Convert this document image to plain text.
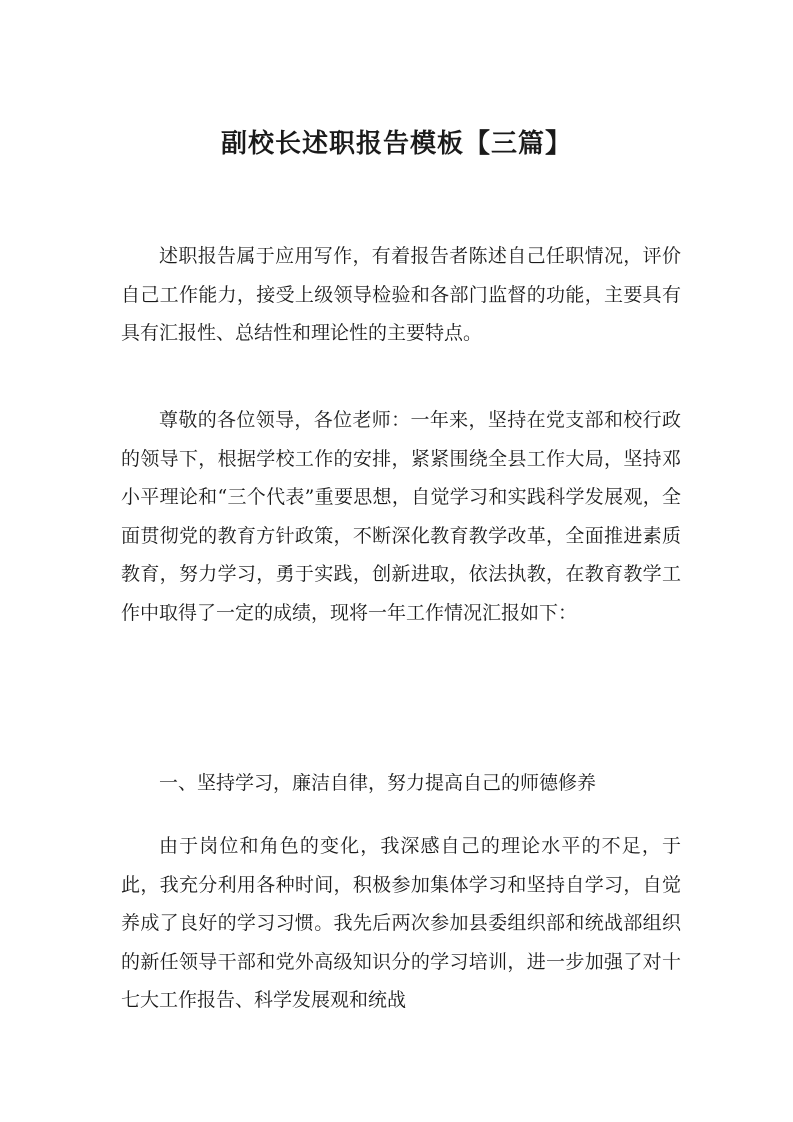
副校长述职报告模板【三篇】

述职报告属于应用写作，有着报告者陈述自己任职情况，评价自己工作能力，接受上级领导检验和各部门监督的功能，主要具有具有汇报性、总结性和理论性的主要特点。

尊敬的各位领导，各位老师：一年来，坚持在党支部和校行政的领导下，根据学校工作的安排，紧紧围绕全县工作大局，坚持邓小平理论和“三个代表”重要思想，自觉学习和实践科学发展观，全面贯彻党的教育方针政策，不断深化教育教学改革，全面推进素质教育，努力学习，勇于实践，创新进取，依法执教，在教育教学工作中取得了一定的成绩，现将一年工作情况汇报如下：

一、坚持学习，廉洁自律，努力提高自己的师德修养

由于岗位和角色的变化，我深感自己的理论水平的不足，于此，我充分利用各种时间，积极参加集体学习和坚持自学习，自觉养成了良好的学习习惯。我先后两次参加县委组织部和统战部组织的新任领导干部和党外高级知识分的学习培训，进一步加强了对十七大工作报告、科学发展观和统战
